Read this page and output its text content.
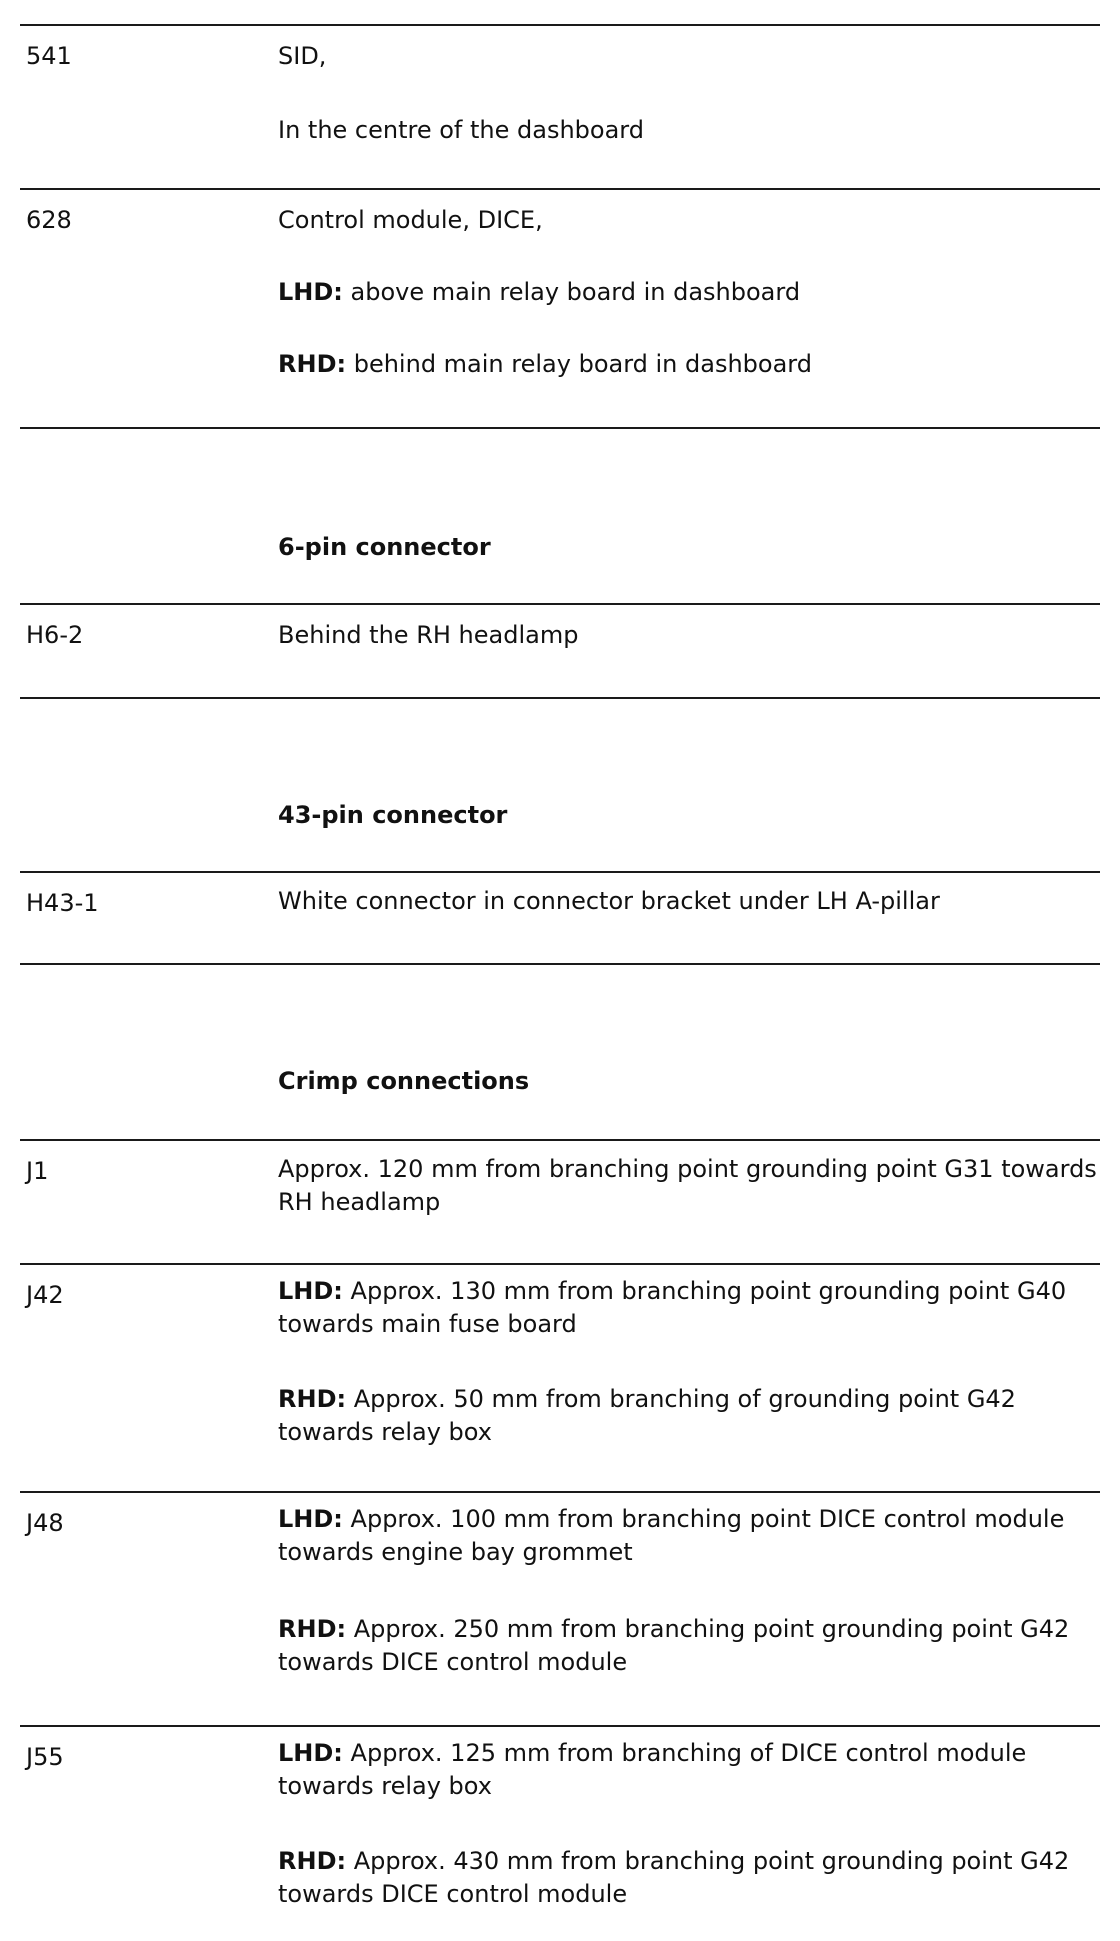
541	SID,
In the centre of the dashboard
628	Control module, DICE,
LHD: above main relay board in dashboard
RHD: behind main relay board in dashboard
6-pin connector
H6-2	Behind the RH headlamp
43-pin connector
H43-1	White connector in connector bracket under LH A-pillar
Crimp connections
J1	Approx. 120 mm from branching point grounding point G31 towards RH headlamp
J42	LHD: Approx. 130 mm from branching point grounding point G40 towards main fuse board
RHD: Approx. 50 mm from branching of grounding point G42 towards relay box
J48	LHD: Approx. 100 mm from branching point DICE control module towards engine bay grommet
RHD: Approx. 250 mm from branching point grounding point G42 towards DICE control module
J55	LHD: Approx. 125 mm from branching of DICE control module towards relay box
RHD: Approx. 430 mm from branching point grounding point G42 towards DICE control module
